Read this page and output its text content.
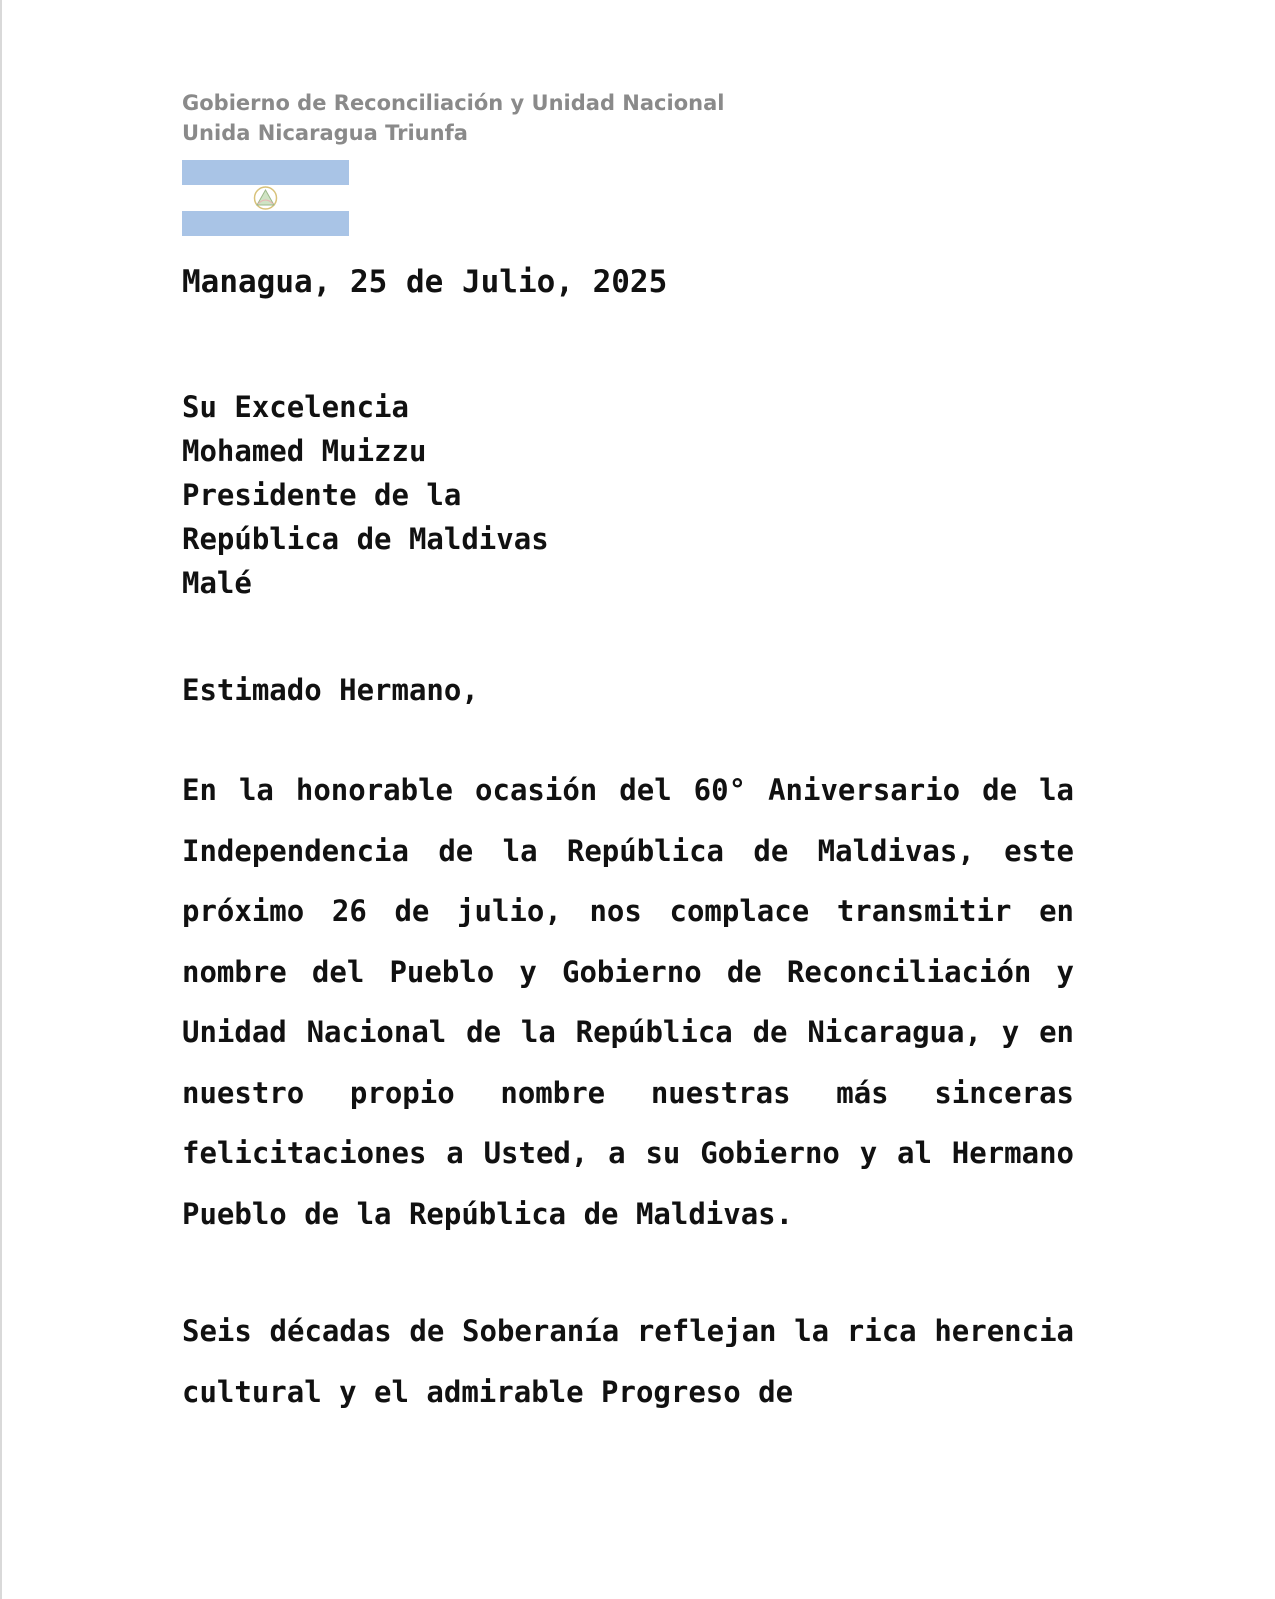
Gobierno de Reconciliación y Unidad Nacional
Unida Nicaragua Triunfa
Managua, 25 de Julio, 2025
Su Excelencia
Mohamed Muizzu
Presidente de la
República de Maldivas
Malé
Estimado Hermano,
En la honorable ocasión del 60° Aniversario de la Independencia de la República de Maldivas, este próximo 26 de julio, nos complace transmitir en nombre del Pueblo y Gobierno de Reconciliación y Unidad Nacional de la República de Nicaragua, y en nuestro propio nombre nuestras más sinceras felicitaciones a Usted, a su Gobierno y al Hermano Pueblo de la República de Maldivas.
Seis décadas de Soberanía reflejan la rica herencia cultural y el admirable Progreso de
